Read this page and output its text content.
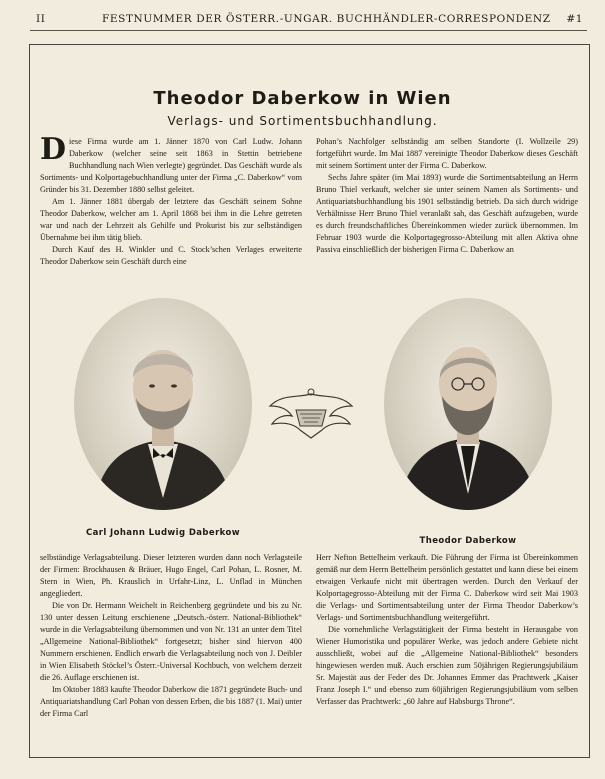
II	FESTNUMMER DER ÖSTERR.-UNGAR. BUCHHÄNDLER-CORRESPONDENZ #1
Theodor Daberkow in Wien
Verlags- und Sortimentsbuchhandlung.

Diese Firma wurde am 1. Jänner 1870 von Carl Ludw. Johann Daberkow (welcher seine seit 1863 in Stettin betriebene Buchhandlung nach Wien verlegte) gegründet. Das Geschäft wurde als Sortiments- und Kolportagebuchhandlung unter der Firma „C. Daberkow“ vom Gründer bis 31. Dezember 1880 selbst geleitet.

Am 1. Jänner 1881 übergab der letztere das Geschäft seinem Sohne Theodor Daberkow, welcher am 1. April 1868 bei ihm in die Lehre getreten war und nach der Lehrzeit als Gehilfe und Prokurist bis zur selbständigen Übernahme bei ihm tätig blieb.

Durch Kauf des H. Winkler und C. Stock’schen Verlages erweiterte Theodor Daberkow sein Geschäft durch eine

Pohan’s Nachfolger selbständig am selben Standorte (I. Wollzeile 29) fortgeführt wurde. Im Mai 1887 vereinigte Theodor Daberkow dieses Geschäft mit seinem Sortiment unter der Firma C. Daberkow.

Sechs Jahre später (im Mai 1893) wurde die Sortimentsabteilung an Herrn Bruno Thiel verkauft, welcher sie unter seinem Namen als Sortiments- und Antiquariatsbuchhandlung bis 1901 selbständig betrieb. Da sich durch widrige Verhältnisse Herr Bruno Thiel veranlaßt sah, das Geschäft aufzugeben, wurde es durch freundschaftliches Übereinkommen wieder zurück übernommen. Im Februar 1903 wurde die Kolportagegrosso-Abteilung mit allen Aktiva ohne Passiva einschließlich der bisherigen Firma C. Daberkow an

Carl Johann Ludwig Daberkow
Theodor Daberkow

selbständige Verlagsabteilung. Dieser letzteren wurden dann noch Verlagsteile der Firmen: Brockhausen & Bräuer, Hugo Engel, Carl Pohan, L. Rosner, M. Stern in Wien, Ph. Krauslich in Urfahr-Linz, L. Unflad in München angegliedert.

Die von Dr. Hermann Weichelt in Reichenberg gegründete und bis zu Nr. 130 unter dessen Leitung erschienene „Deutsch.-österr. National-Bibliothek“ wurde in die Verlagsabteilung übernommen und von Nr. 131 an unter dem Titel „Allgemeine National-Bibliothek“ fortgesetzt; bisher sind hiervon 400 Nummern erschienen. Endlich erwarb die Verlagsabteilung noch von J. Deibler in Wien Elisabeth Stöckel’s Österr.-Universal Kochbuch, von welchem derzeit die 26. Auflage erschienen ist.

Im Oktober 1883 kaufte Theodor Daberkow die 1871 gegründete Buch- und Antiquariatshandlung Carl Pohan von dessen Erben, die bis 1887 (1. Mai) unter der Firma Carl

Herr Nefton Bettelheim verkauft. Die Führung der Firma ist Übereinkommen gemäß nur dem Herrn Bettelheim persönlich gestattet und kann diese bei einem etwaigen Verkaufe nicht mit übertragen werden. Durch den Verkauf der Kolportagegrosso-Abteilung mit der Firma C. Daberkow wird seit Mai 1903 die Verlags- und Sortimentsabteilung unter der Firma Theodor Daberkow’s Verlags- und Sortimentsbuchhandlung weitergeführt.

Die vornehmliche Verlagstätigkeit der Firma besteht in Herausgabe von Wiener Humoristika und populärer Werke, was jedoch andere Gebiete nicht ausschließt, wobei auf die „Allgemeine National-Bibliothek“ besonders hingewiesen werden muß. Auch erschien zum 50jährigen Regierungsjubiläum Sr. Majestät aus der Feder des Dr. Johannes Emmer das Prachtwerk „Kaiser Franz Joseph I.“ und ebenso zum 60jährigen Regierungsjubiläum vom selben Verfasser das Prachtwerk: „60 Jahre auf Habsburgs Throne“.
